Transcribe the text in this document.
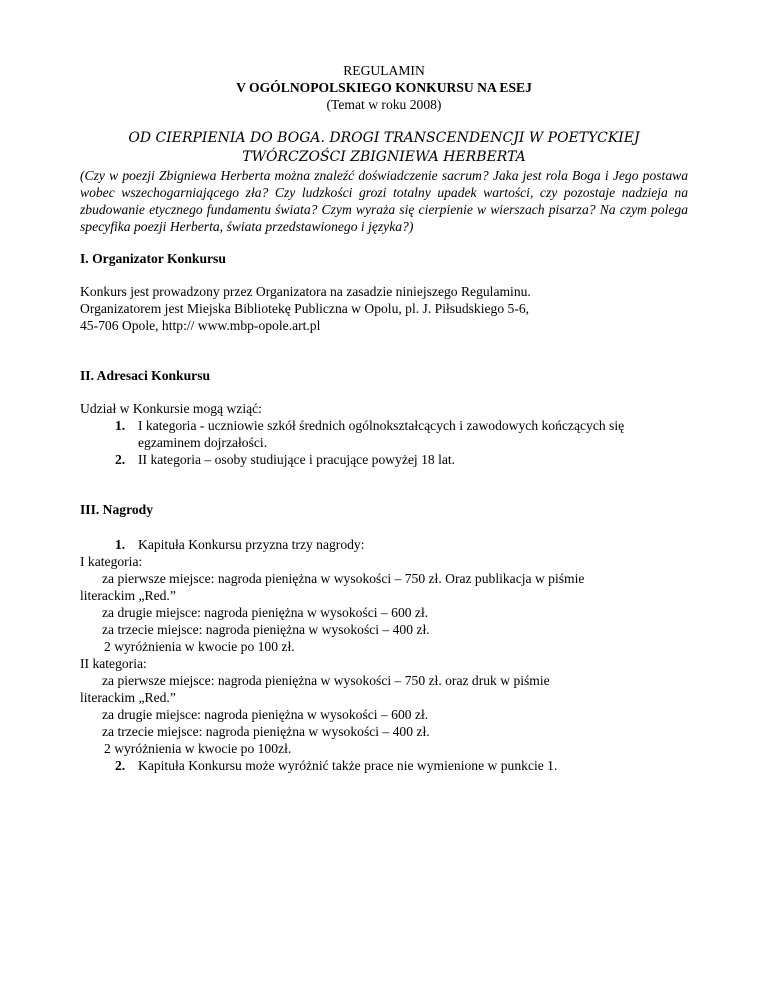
REGULAMIN

V OGÓLNOPOLSKIEGO KONKURSU NA ESEJ

(Temat w roku 2008)

OD CIERPIENIA DO BOGA. DROGI TRANSCENDENCJI W POETYCKIEJ
TWÓRCZOŚCI ZBIGNIEWA HERBERTA

(Czy w poezji Zbigniewa Herberta można znaleźć doświadczenie sacrum? Jaka jest rola Boga i Jego postawa wobec wszechogarniającego zła? Czy ludzkości grozi totalny upadek wartości, czy pozostaje nadzieja na zbudowanie etycznego fundamentu świata? Czym wyraża się cierpienie w wierszach pisarza? Na czym polega specyfika poezji Herberta, świata przedstawionego i języka?)

I. Organizator Konkursu

Konkurs jest prowadzony przez Organizatora na zasadzie niniejszego Regulaminu.

Organizatorem jest Miejska Bibliotekę Publiczna w Opolu, pl. J. Piłsudskiego 5-6,

45-706 Opole, http:// www.mbp-opole.art.pl

II. Adresaci Konkursu

Udział w Konkursie mogą wziąć:

1. I kategoria - uczniowie szkół średnich ogólnokształcących i zawodowych kończących się egzaminem dojrzałości.
2. II kategoria – osoby studiujące i pracujące powyżej 18 lat.

III. Nagrody

1. Kapituła Konkursu przyzna trzy nagrody:

I kategoria:

za pierwsze miejsce: nagroda pieniężna w wysokości – 750 zł. Oraz publikacja w piśmie

literackim „Red.”

za drugie miejsce: nagroda pieniężna w wysokości – 600 zł.

za trzecie miejsce: nagroda pieniężna w wysokości – 400 zł.

2 wyróżnienia w kwocie po 100 zł.

II kategoria:

za pierwsze miejsce: nagroda pieniężna w wysokości – 750 zł. oraz druk w piśmie

literackim „Red.”

za drugie miejsce: nagroda pieniężna w wysokości – 600 zł.

za trzecie miejsce: nagroda pieniężna w wysokości – 400 zł.

2 wyróżnienia w kwocie po 100zł.

2. Kapituła Konkursu może wyróżnić także prace nie wymienione w punkcie 1.
